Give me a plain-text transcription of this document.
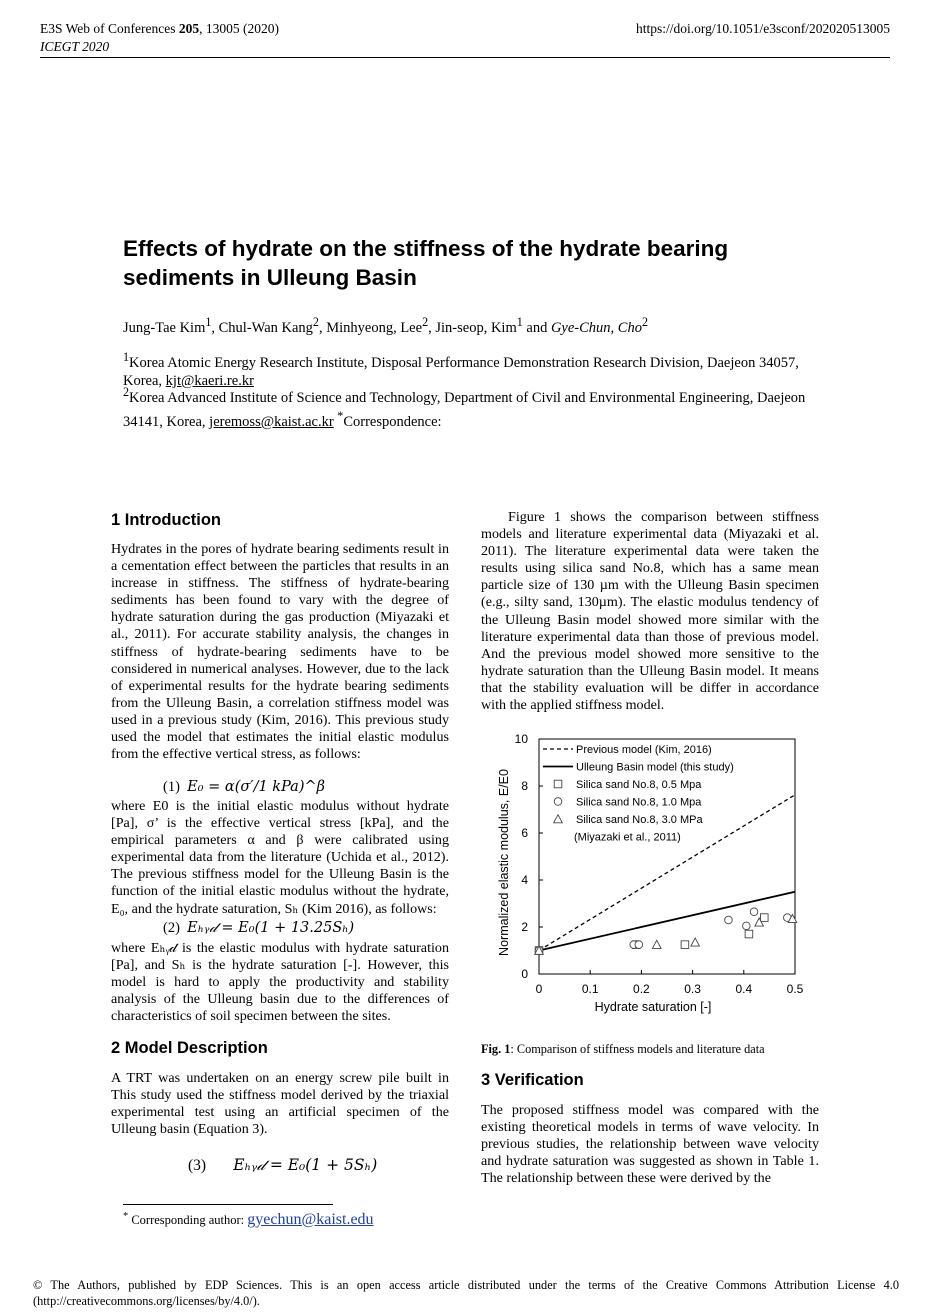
E3S Web of Conferences 205, 13005 (2020)
ICEGT 2020
https://doi.org/10.1051/e3sconf/202020513005
Effects of hydrate on the stiffness of the hydrate bearing sediments in Ulleung Basin
Jung-Tae Kim$^1$, Chul-Wan Kang$^2$, Minhyeong, Lee$^2$, Jin-seop, Kim$^1$ and Gye-Chun, Cho$^2$
$^1$Korea Atomic Energy Research Institute, Disposal Performance Demonstration Research Division, Daejeon 34057, Korea, kjt@kaeri.re.kr
$^2$Korea Advanced Institute of Science and Technology, Department of Civil and Environmental Engineering, Daejeon 34141, Korea, jeremoss@kaist.ac.kr *Correspondence:
1 Introduction

Hydrates in the pores of hydrate bearing sediments result in a cementation effect between the particles that results in an increase in stiffness. The stiffness of hydrate-bearing sediments has been found to vary with the degree of hydrate saturation during the gas production (Miyazaki et al., 2011). For accurate stability analysis, the changes in stiffness of hydrate-bearing sediments have to be considered in numerical analyses. However, due to the lack of experimental results for the hydrate bearing sediments from the Ulleung Basin, a correlation stiffness model was used in a previous study (Kim, 2016). This previous study used the model that estimates the initial elastic modulus from the effective vertical stress, as follows:

(1) E₀ = α(σ′/1 kPa)^β

where E0 is the initial elastic modulus without hydrate [Pa], σ’ is the effective vertical stress [kPa], and the empirical parameters α and β were calibrated using experimental data from the literature (Uchida et al., 2012). The previous stiffness model for the Ulleung Basin is the function of the initial elastic modulus without the hydrate, E₀, and the hydrate saturation, Sₕ (Kim 2016), as follows:

(2) Eₕᵧ𝒹 = E₀(1 + 13.25Sₕ)

where Eₕᵧ𝒹 is the elastic modulus with hydrate saturation [Pa], and Sₕ is the hydrate saturation [-]. However, this model is hard to apply the productivity and stability analysis of the Ulleung basin due to the differences of characteristics of soil specimen between the sites.

2 Model Description

A TRT was undertaken on an energy screw pile built in This study used the stiffness model derived by the triaxial experimental test using an artificial specimen of the Ulleung basin (Equation 3).

(3) Eₕᵧ𝒹 = E₀(1 + 5Sₕ)

Figure 1 shows the comparison between stiffness models and literature experimental data (Miyazaki et al. 2011). The literature experimental data were taken the results using silica sand No.8, which has a same mean particle size of 130 µm with the Ulleung Basin specimen (e.g., silty sand, 130µm). The elastic modulus tendency of the Ulleung Basin model showed more similar with the literature experimental data than those of previous model. And the previous model showed more sensitive to the hydrate saturation than the Ulleung Basin model. It means that the stability evaluation will be differ in accordance with the applied stiffness model.

0	0.1	0.2	0.3	0.4	0.5
0
2
4
6
8
10
Hydrate saturation [-]
Normalized elastic modulus, E/E0
Previous model (Kim, 2016)
Ulleung Basin model (this study)
Silica sand No.8, 0.5 Mpa
Silica sand No.8, 1.0 Mpa
Silica sand No.8, 3.0 MPa
(Miyazaki et al., 2011)
Fig. 1: Comparison of stiffness models and literature data
3 Verification

The proposed stiffness model was compared with the existing theoretical models in terms of wave velocity. In previous studies, the relationship between wave velocity and hydrate saturation was suggested as shown in Table 1. The relationship between these were derived by the

* Corresponding author: gyechun@kaist.edu
© The Authors, published by EDP Sciences. This is an open access article distributed under the terms of the Creative Commons Attribution License 4.0 (http://creativecommons.org/licenses/by/4.0/).
